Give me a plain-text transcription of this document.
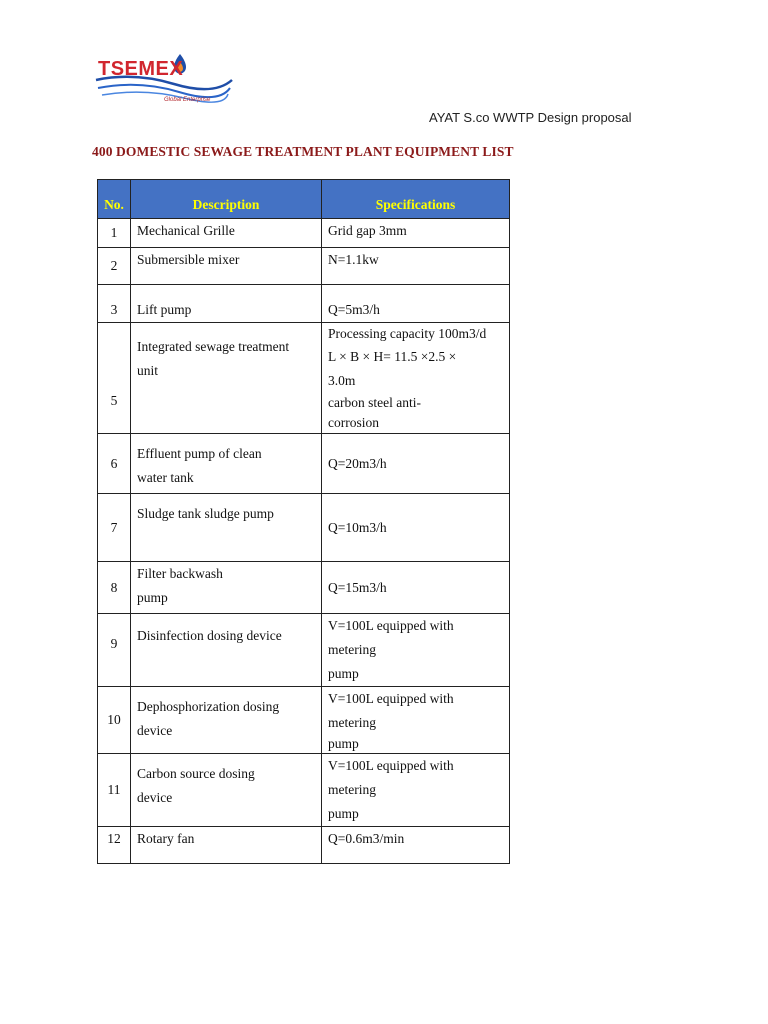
TSEMEX
Global Enterprise
AYAT S.co WWTP Design proposal
400 DOMESTIC SEWAGE TREATMENT PLANT EQUIPMENT LIST
No.	Description	Specifications
1	Mechanical Grille	Grid gap 3mm

2	Submersible mixer	N=1.1kw

3	Lift pump	Q=5m3/h

5	Integrated sewage treatment
unit	Processing capacity 100m3/d
L × B × H= 11.5 ×2.5 ×
3.0m
carbon steel anti-
corrosion

6	Effluent pump of clean
water tank	Q=20m3/h

7	Sludge tank sludge pump	Q=10m3/h

8	Filter backwash
pump	Q=15m3/h

9	Disinfection dosing device	V=100L equipped with
metering
pump

10	Dephosphorization dosing
device	V=100L equipped with
metering
pump

11	Carbon source dosing
device	V=100L equipped with
metering
pump

12	Rotary fan	Q=0.6m3/min
